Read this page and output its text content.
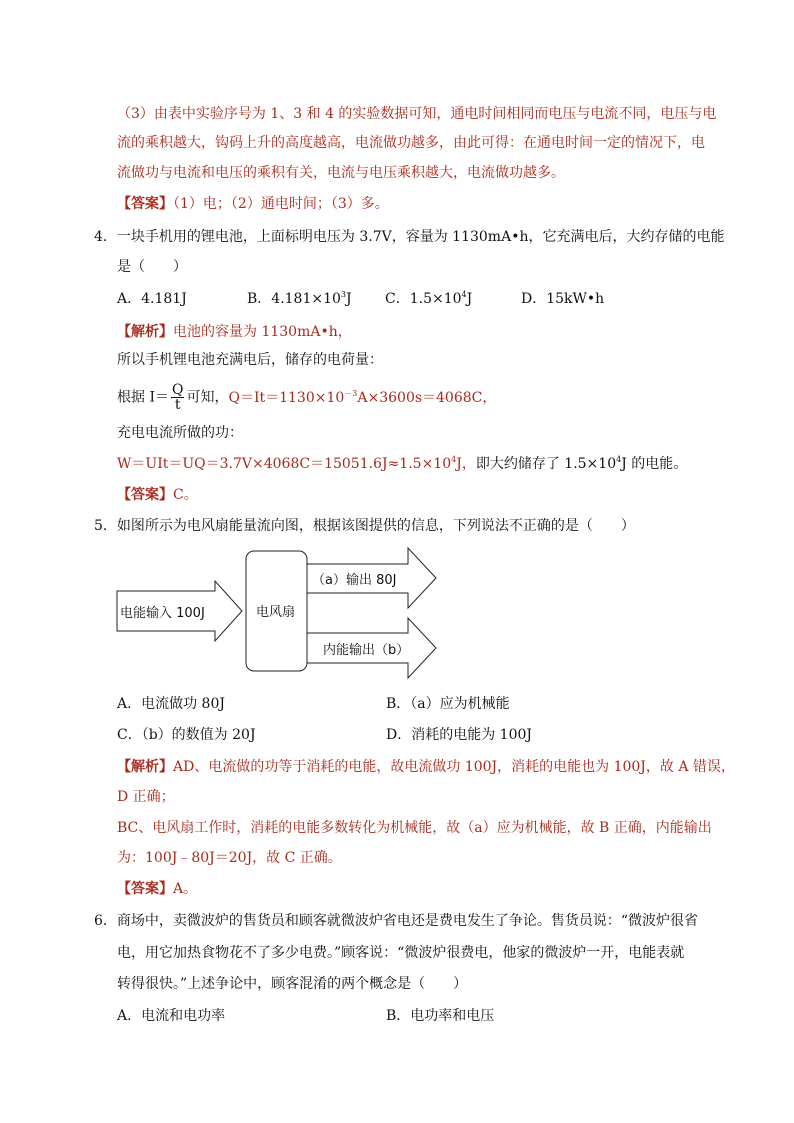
（3）由表中实验序号为 1、3 和 4 的实验数据可知，通电时间相同而电压与电流不同，电压与电
流的乘积越大，钩码上升的高度越高，电流做功越多，由此可得：在通电时间一定的情况下，电
流做功与电流和电压的乘积有关，电流与电压乘积越大，电流做功越多。
【答案】（1）电；（2）通电时间；（3）多。
4．一块手机用的锂电池，上面标明电压为 3.7V，容量为 1130mA•h，它充满电后，大约存储的电能
是（　　）
A．4.181J	B．$4.181\times 10^3J$ C．$1.5\times 10^4J$	D．15kW•h
【解析】电池的容量为 1130mA•h，
所以手机锂电池充满电后，储存的电荷量：
根据 $I= \frac{Q}{t}$ 可知，$Q=It=1130\times 10^{-3}A\times 3600s=4068C$，
充电电流所做的功：
$W=UIt=UQ=3.7V\times 4068C=15051.6J\approx 1.5\times 10^4J$，即大约储存了 $1.5\times 10^4J$ 的电能。
【答案】C。
5．如图所示为电风扇能量流向图，根据该图提供的信息，下列说法不正确的是（　　）
电能输入 100J	电风扇
（a）输出 80J
内能输出（b）
A．电流做功 80J	B．（a）应为机械能
C．（b）的数值为 20J	D．消耗的电能为 100J
【解析】AD、电流做的功等于消耗的电能，故电流做功 100J，消耗的电能也为 100J，故 A 错误，
D 正确；
BC、电风扇工作时，消耗的电能多数转化为机械能，故（a）应为机械能，故 B 正确，内能输出
为：100J﹣80J＝20J，故 C 正确。
【答案】A。
6．商场中，卖微波炉的售货员和顾客就微波炉省电还是费电发生了争论。售货员说：“微波炉很省
电，用它加热食物花不了多少电费。”顾客说：“微波炉很费电，他家的微波炉一开，电能表就
转得很快。”上述争论中，顾客混淆的两个概念是（　　）
A．电流和电功率	B．电功率和电压
